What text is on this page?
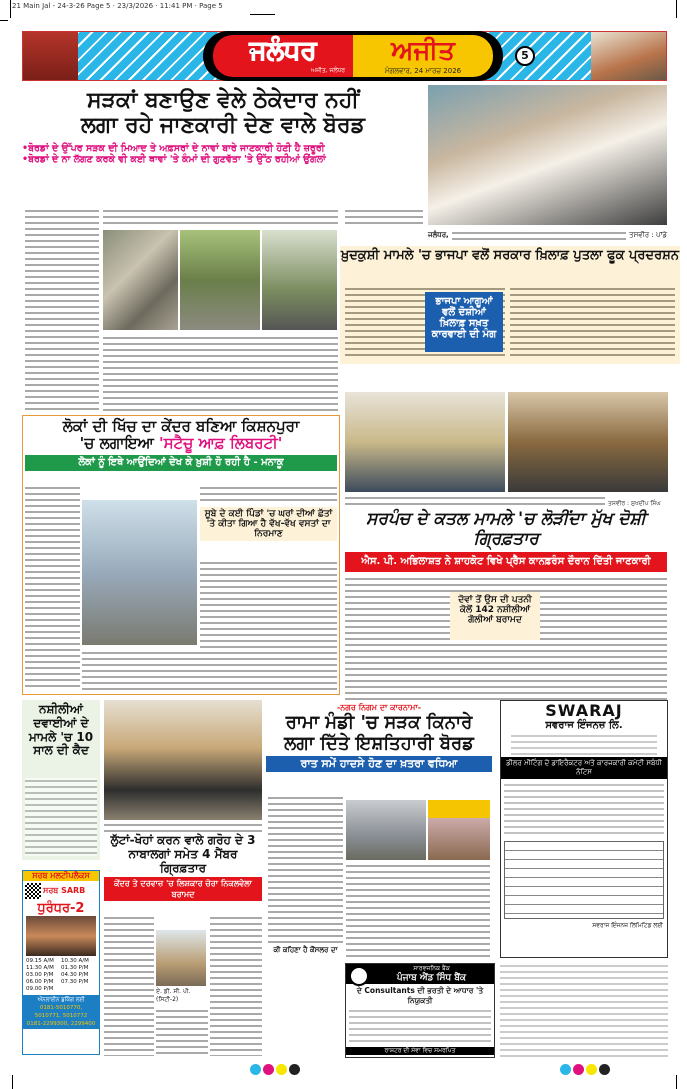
21 Main Jal - 24-3-26 Page 5 · 23/3/2026 · 11:41 PM · Page 5
ਜਲੰਧਰ
ਅਜੀਤ, ਜਲੰਧਰ
ਅਜੀਤ
ਮੰਗਲਵਾਰ, 24 ਮਾਰਚ 2026
5
ਸੜਕਾਂ ਬਣਾਉਣ ਵੇਲੇ ਠੇਕੇਦਾਰ ਨਹੀਂ
ਲਗਾ ਰਹੇ ਜਾਣਕਾਰੀ ਦੇਣ ਵਾਲੇ ਬੋਰਡ
•ਬੋਰਡਾਂ ਦੇ ਉੱਪਰ ਸੜਕ ਦੀ ਮਿਆਦ ਤੇ ਅਫ਼ਸਰਾਂ ਦੇ ਨਾਵਾਂ ਬਾਰੇ ਜਾਣਕਾਰੀ ਹੋਣੀ ਹੈ ਜ਼ਰੂਰੀ
•ਬੋਰਡਾਂ ਦੇ ਨਾ ਲੱਗਣ ਕਰਕੇ ਵੀ ਕਈ ਥਾਵਾਂ 'ਤੇ ਕੰਮਾਂ ਦੀ ਗੁਣਵੱਤਾ 'ਤੇ ਉੱਠ ਰਹੀਆਂ ਉਂਗਲਾਂ
ਜਲੰਧਰ,	ਤਸਵੀਰ : ਪਾਂਡੇ
ਖ਼ੁਦਕੁਸ਼ੀ ਮਾਮਲੇ 'ਚ ਭਾਜਪਾ ਵਲੋਂ ਸਰਕਾਰ ਖ਼ਿਲਾਫ਼ ਪੁਤਲਾ ਫੂਕ ਪ੍ਰਦਰਸ਼ਨ
ਭਾਜਪਾ ਆਗੂਆਂ ਵਲੋਂ ਦੋਸ਼ੀਆਂ ਖ਼ਿਲਾਫ਼ ਸਖ਼ਤ ਕਾਰਵਾਈ ਦੀ ਮੰਗ
ਤਸਵੀਰ : ਸੁਖਦੀਪ ਸਿੰਘ
ਸਰਪੰਚ ਦੇ ਕਤਲ ਮਾਮਲੇ 'ਚ ਲੋੜੀਂਦਾ ਮੁੱਖ ਦੋਸ਼ੀ ਗ੍ਰਿਫ਼ਤਾਰ
ਐਸ. ਪੀ. ਅਭਿਲਾਸ਼ਤ ਨੇ ਸ਼ਾਹਕੋਟ ਵਿਖੇ ਪ੍ਰੈੱਸ ਕਾਨਫ਼ਰੰਸ ਦੌਰਾਨ ਦਿੱਤੀ ਜਾਣਕਾਰੀ
ਦੋਵਾਂ ਤੋਂ ਉਸ ਦੀ ਪਤਨੀ ਕੋਲੋਂ 142 ਨਸ਼ੀਲੀਆਂ ਗੋਲੀਆਂ ਬਰਾਮਦ
ਲੋਕਾਂ ਦੀ ਖਿੱਚ ਦਾ ਕੇਂਦਰ ਬਣਿਆ ਕਿਸ਼ਨਪੁਰਾ
'ਚ ਲਗਾਇਆ 'ਸਟੈਚੂ ਆਫ਼ ਲਿਬਰਟੀ'
ਲੋਕਾਂ ਨੂੰ ਇਥੇ ਆਉਂਦਿਆਂ ਦੇਖ ਕੇ ਖ਼ੁਸ਼ੀ ਹੋ ਰਹੀ ਹੈ - ਮਨਾਕੂ
ਸੂਬੇ ਦੇ ਕਈ ਪਿੰਡਾਂ 'ਚ ਘਰਾਂ ਦੀਆਂ ਛੱਤਾਂ 'ਤੇ ਕੀਤਾ ਗਿਆ ਹੈ ਵੱਖ-ਵੱਖ ਵਸਤਾਂ ਦਾ ਨਿਰਮਾਣ
ਨਸ਼ੀਲੀਆਂ ਦਵਾਈਆਂ ਦੇ ਮਾਮਲੇ 'ਚ 10 ਸਾਲ ਦੀ ਕੈਦ
ਸਰਬ ਮਲਟੀਪਲੈਕਸ
ਸਰਬ SARB
ਧੁਰੰਧਰ-2
09.15 A/M	10.30 A/M
11.30 A/M	01.30 P/M
03.00 P/M	04.30 P/M
06.00 P/M	07.30 P/M
09.00 P/M
ਔਨਲਾਈਨ ਬੁਕਿੰਗ ਲਈ
0181-5010770,
5010771, 5010772
0181-2299300, 2299400
ਲੁੱਟਾਂ-ਖੋਹਾਂ ਕਰਨ ਵਾਲੇ ਗਰੋਹ ਦੇ 3
ਨਾਬਾਲਗਾਂ ਸਮੇਤ 4 ਮੈਂਬਰ ਗ੍ਰਿਫ਼ਤਾਰ
ਕੇਂਦਰ ਤੇ ਦਰਵਾਜ਼ 'ਚ ਲਿਸ਼ਕਾਰ ਚੋਰਾ ਨਿਕਲਵੇਲਾ ਬਰਾਮਦ
ਏ. ਡੀ. ਸੀ. ਪੀ. (ਸਿਟੀ-2)
-ਨਗਰ ਨਿਗਮ ਦਾ ਕਾਰਨਾਮਾ-
ਰਾਮਾ ਮੰਡੀ 'ਚ ਸੜਕ ਕਿਨਾਰੇ
ਲਗਾ ਦਿੱਤੇ ਇਸ਼ਤਿਹਾਰੀ ਬੋਰਡ
ਰਾਤ ਸਮੇਂ ਹਾਦਸੇ ਹੋਣ ਦਾ ਖ਼ਤਰਾ ਵਧਿਆ
ਕੀ ਕਹਿਣਾ ਹੈ ਕੌਂਸਲਰ ਦਾ
SWARAJ
ਸਵਰਾਜ ਇੰਜਨਜ਼ ਲਿ.
ਡੀਲਰ ਮੀਟਿੰਗ ਦੇ ਡਾਇਰੈਕਟਰ ਅਤੇ ਕਾਰਜਕਾਰੀ ਕਮੇਟੀ ਸਬੰਧੀ ਨੋਟਿਸ
ਸਵਰਾਜ ਇੰਜਨਜ਼ ਲਿਮਿਟਿਡ ਲਈ
ਸਾਰਵਜਨਿਕ ਬੈਂਕ
ਪੰਜਾਬ ਐਂਡ ਸਿੰਧ ਬੈਂਕ
ਦੇ Consultants ਦੀ ਭਰਤੀ ਦੇ ਆਧਾਰ 'ਤੇ ਨਿਯੁਕਤੀ
ਰਾਸ਼ਟਰ ਦੀ ਸੇਵਾ ਵਿਚ ਸਮਰਪਿਤ
